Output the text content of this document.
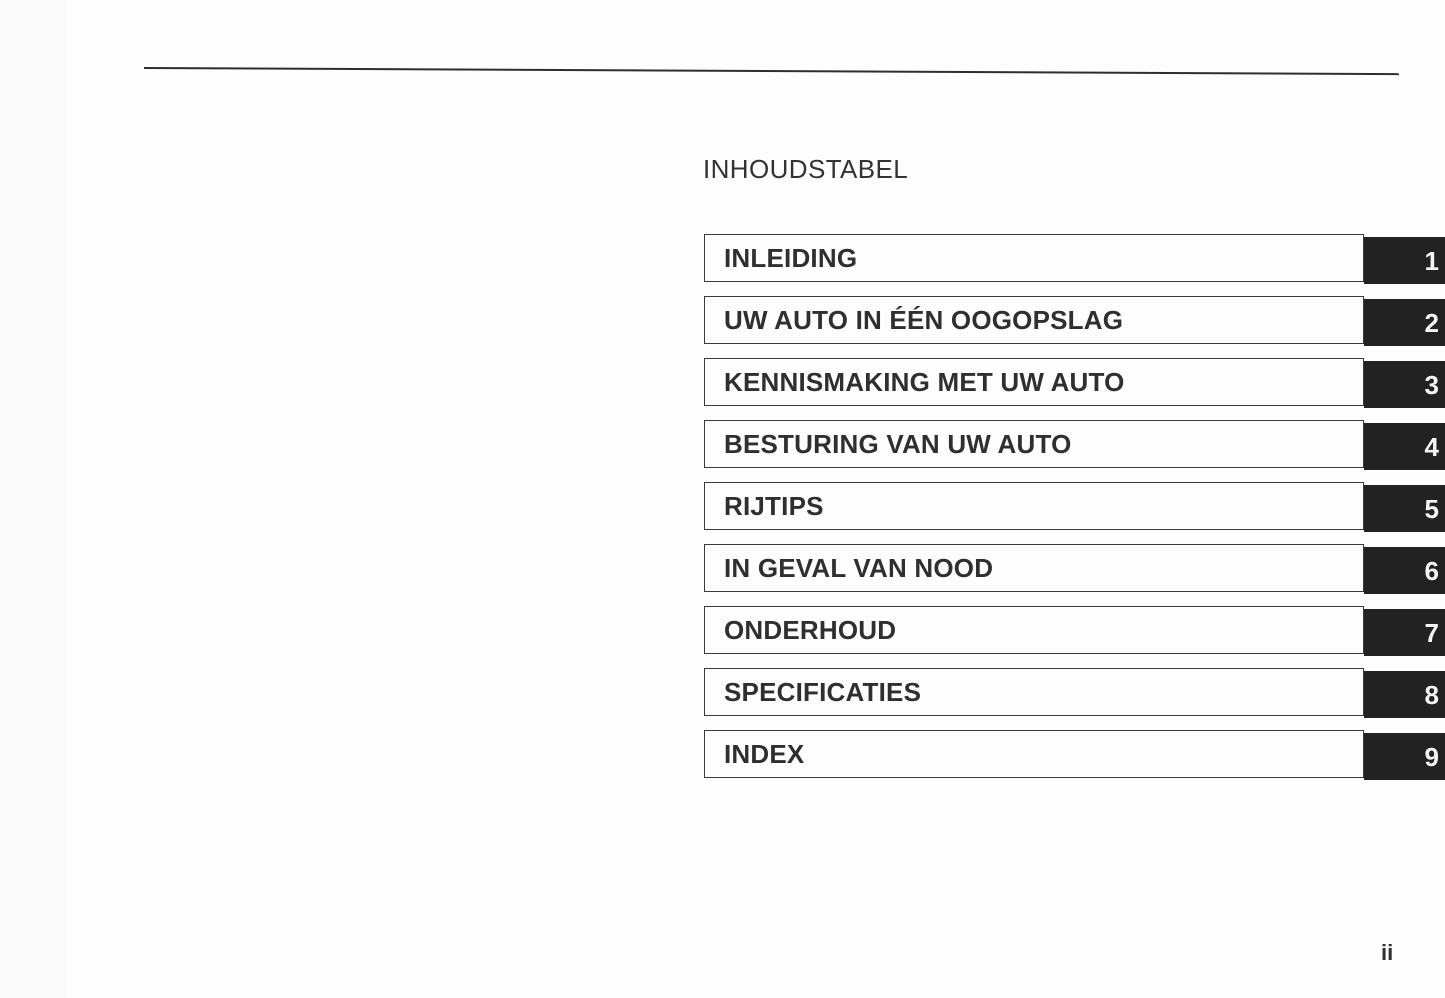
INHOUDSTABEL
INLEIDING	1
UW AUTO IN ÉÉN OOGOPSLAG	2
KENNISMAKING MET UW AUTO	3
BESTURING VAN UW AUTO	4
RIJTIPS	5
IN GEVAL VAN NOOD	6
ONDERHOUD	7
SPECIFICATIES	8
INDEX	9
ii
